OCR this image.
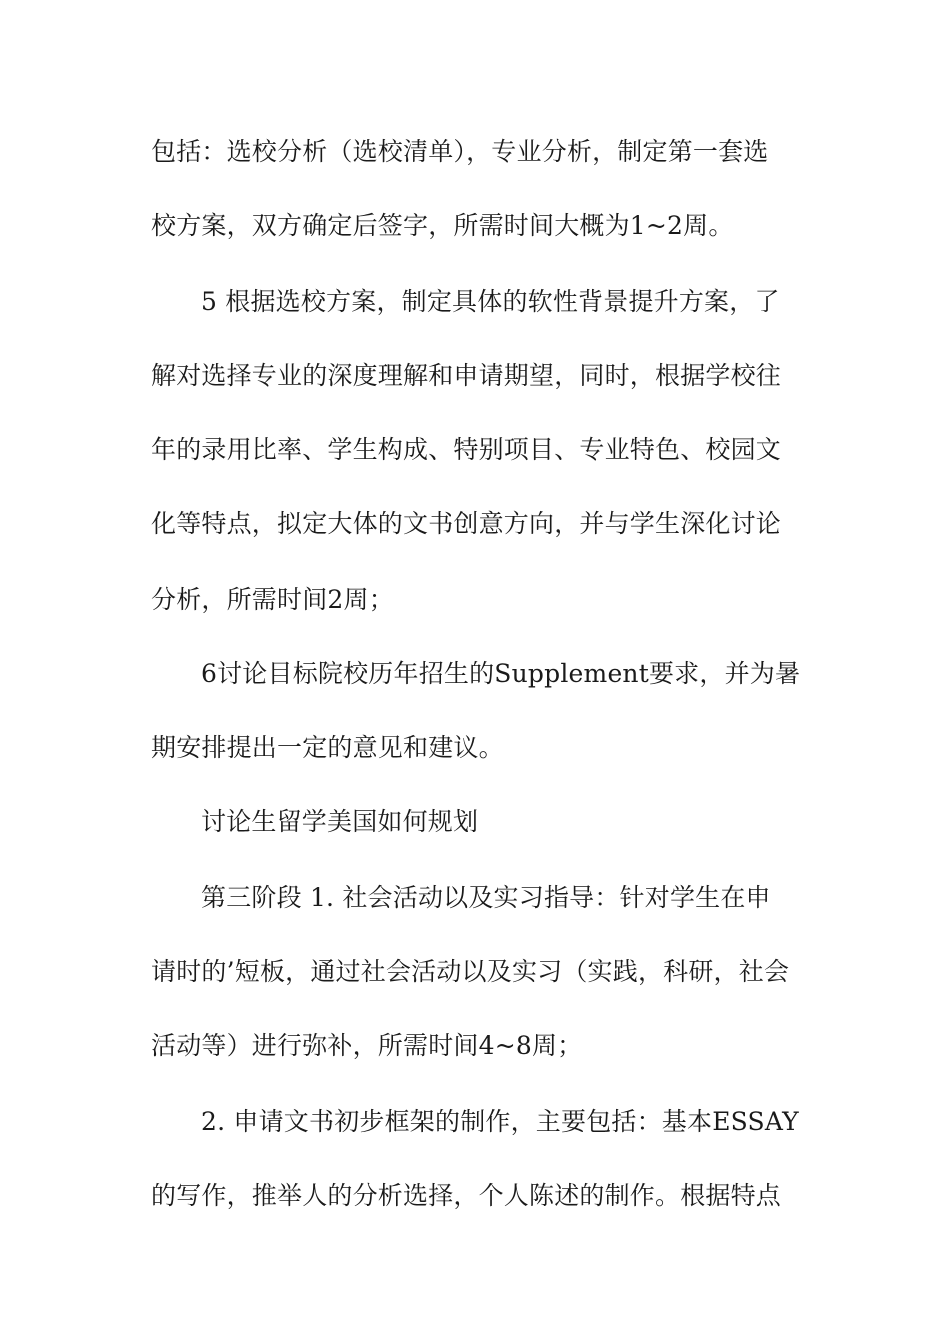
包括：选校分析（选校清单），专业分析，制定第一套选
校方案，双方确定后签字，所需时间大概为1~2周。
5 根据选校方案，制定具体的软性背景提升方案，了
解对选择专业的深度理解和申请期望，同时，根据学校往
年的录用比率、学生构成、特别项目、专业特色、校园文
化等特点，拟定大体的文书创意方向，并与学生深化讨论
分析，所需时间2周；
6讨论目标院校历年招生的Supplement要求，并为暑
期安排提出一定的意见和建议。
讨论生留学美国如何规划
第三阶段 1. 社会活动以及实习指导：针对学生在申
请时的’短板，通过社会活动以及实习（实践，科研，社会
活动等）进行弥补，所需时间4~8周；
2. 申请文书初步框架的制作，主要包括：基本ESSAY
的写作，推举人的分析选择，个人陈述的制作。根据特点
